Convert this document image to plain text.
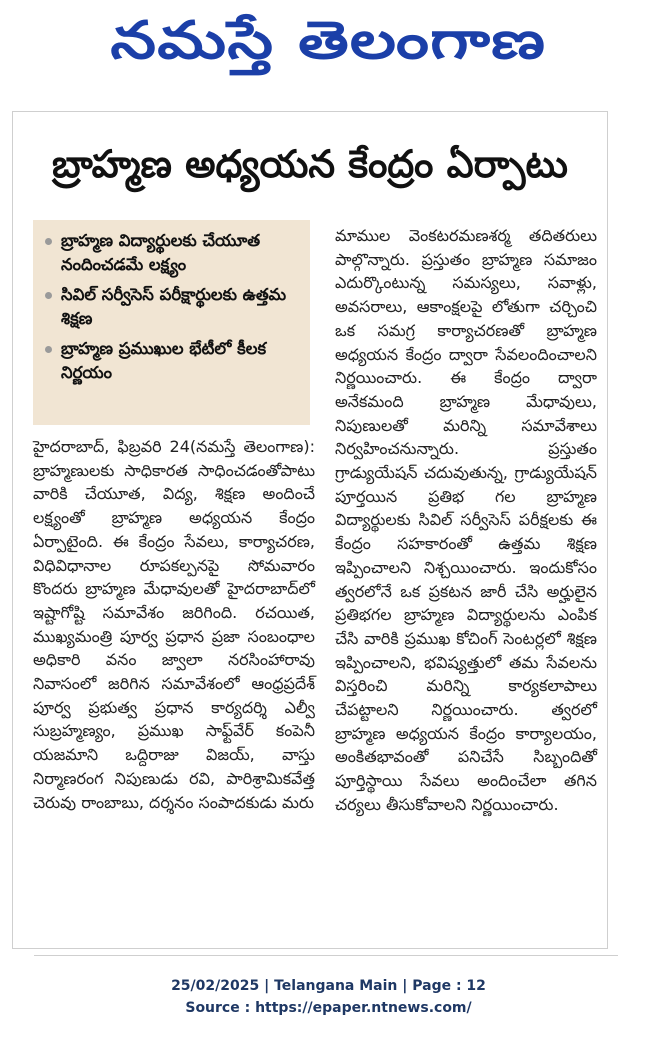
నమస్తే తెలంగాణ
బ్రాహ్మణ అధ్యయన కేంద్రం ఏర్పాటు
బ్రాహ్మణ విద్యార్థులకు చేయూత నందించడమే లక్ష్యం
సివిల్ సర్వీసెస్ పరీక్షార్థులకు ఉత్తమ శిక్షణ
బ్రాహ్మణ ప్రముఖుల భేటీలో కీలక నిర్ణయం

హైదరాబాద్, ఫిబ్రవరి 24(నమస్తే తెలంగాణ): బ్రాహ్మణులకు సాధికారత సాధించడంతోపాటు వారికి చేయూత, విద్య, శిక్షణ అందించే లక్ష్యంతో బ్రాహ్మణ అధ్యయన కేంద్రం ఏర్పాటైంది. ఈ కేంద్రం సేవలు, కార్యాచరణ, విధివిధానాల రూపకల్పనపై సోమవారం కొందరు బ్రాహ్మణ మేధావులతో హైదరాబాద్‌లో ఇష్టాగోష్టి సమావేశం జరిగింది. రచయిత, ముఖ్యమంత్రి పూర్వ ప్రధాన ప్రజా సంబంధాల అధికారి వనం జ్వాలా నరసింహారావు నివాసంలో జరిగిన సమావేశంలో ఆంధ్రప్రదేశ్ పూర్వ ప్రభుత్వ ప్రధాన కార్యదర్శి ఎల్వీ సుబ్రహ్మణ్యం, ప్రముఖ సాఫ్ట్‌వేర్ కంపెనీ యజమాని ఒద్దిరాజు విజయ్, వాస్తు నిర్మాణరంగ నిపుణుడు రవి, పారిశ్రామికవేత్త చెరువు రాంబాబు, దర్శనం సంపాదకుడు మరు

మాముల వెంకటరమణశర్మ తదితరులు పాల్గొన్నారు. ప్రస్తుతం బ్రాహ్మణ సమాజం ఎదుర్కొంటున్న సమస్యలు, సవాళ్లు, అవసరాలు, ఆకాంక్షలపై లోతుగా చర్చించి ఒక సమగ్ర కార్యాచరణతో బ్రాహ్మణ అధ్యయన కేంద్రం ద్వారా సేవలందించాలని నిర్ణయించారు. ఈ కేంద్రం ద్వారా అనేకమంది బ్రాహ్మణ మేధావులు, నిపుణులతో మరిన్ని సమావేశాలు నిర్వహించనున్నారు. ప్రస్తుతం గ్రాడ్యుయేషన్ చదువుతున్న, గ్రాడ్యుయేషన్ పూర్తయిన ప్రతిభ గల బ్రాహ్మణ విద్యార్థులకు సివిల్ సర్వీసెస్ పరీక్షలకు ఈ కేంద్రం సహకారంతో ఉత్తమ శిక్షణ ఇప్పించాలని నిశ్చయించారు. ఇందుకోసం త్వరలోనే ఒక ప్రకటన జారీ చేసి అర్హులైన ప్రతిభగల బ్రాహ్మణ విద్యార్థులను ఎంపిక చేసి వారికి ప్రముఖ కోచింగ్ సెంటర్లలో శిక్షణ ఇప్పించాలని, భవిష్యత్తులో తమ సేవలను విస్తరించి మరిన్ని కార్యకలాపాలు చేపట్టాలని నిర్ణయించారు. త్వరలో బ్రాహ్మణ అధ్యయన కేంద్రం కార్యాలయం, అంకితభావంతో పనిచేసే సిబ్బందితో పూర్తిస్థాయి సేవలు అందించేలా తగిన చర్యలు తీసుకోవాలని నిర్ణయించారు.

25/02/2025 | Telangana Main | Page : 12
Source : https://epaper.ntnews.com/
